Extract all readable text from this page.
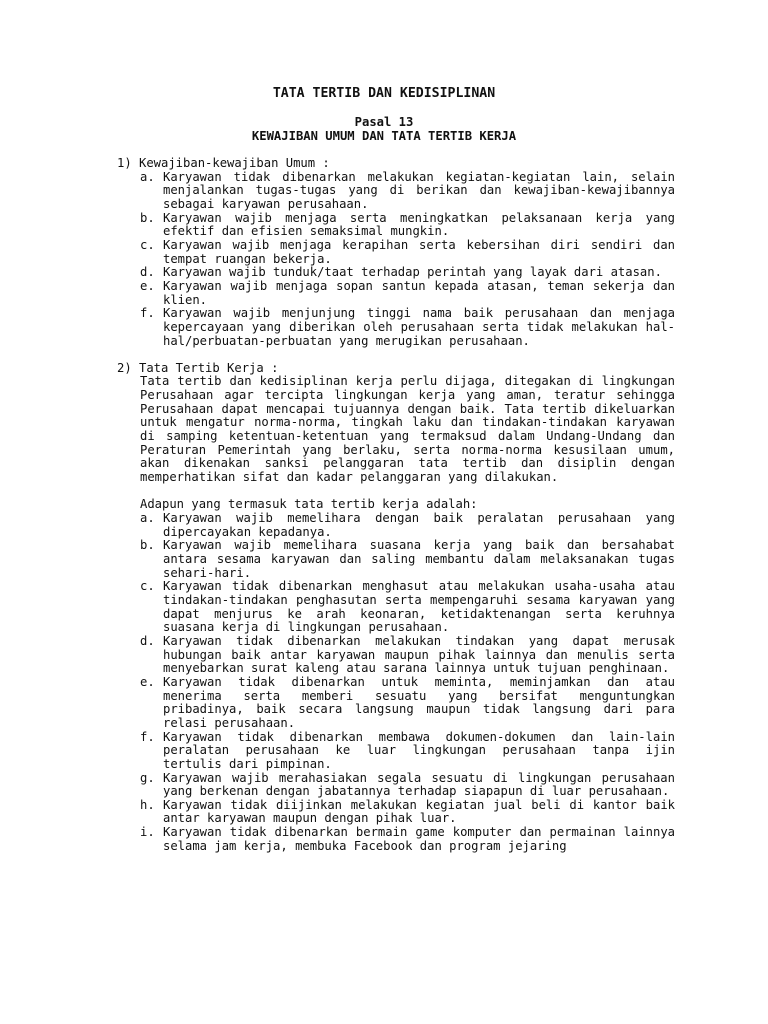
TATA TERTIB DAN KEDISIPLINAN
Pasal 13
KEWAJIBAN UMUM DAN TATA TERTIB KERJA
1) Kewajiban-kewajiban Umum :
a. Karyawan tidak dibenarkan melakukan kegiatan-kegiatan lain, selain menjalankan tugas-tugas yang di berikan dan kewajiban-kewajibannya sebagai karyawan perusahaan.
b. Karyawan wajib menjaga serta meningkatkan pelaksanaan kerja yang efektif dan efisien semaksimal mungkin.
c. Karyawan wajib menjaga kerapihan serta kebersihan diri sendiri dan tempat ruangan bekerja.
d. Karyawan wajib tunduk/taat terhadap perintah yang layak dari atasan.
e. Karyawan wajib menjaga sopan santun kepada atasan, teman sekerja dan klien.
f. Karyawan wajib menjunjung tinggi nama baik perusahaan dan menjaga kepercayaan yang diberikan oleh perusahaan serta tidak melakukan hal-hal/perbuatan-perbuatan yang merugikan perusahaan.
2) Tata Tertib Kerja :
Tata tertib dan kedisiplinan kerja perlu dijaga, ditegakan di lingkungan Perusahaan agar tercipta lingkungan kerja yang aman, teratur sehingga Perusahaan dapat mencapai tujuannya dengan baik. Tata tertib dikeluarkan untuk mengatur norma-norma, tingkah laku dan tindakan-tindakan karyawan di samping ketentuan-ketentuan yang termaksud dalam Undang-Undang dan Peraturan Pemerintah yang berlaku, serta norma-norma kesusilaan umum, akan dikenakan sanksi pelanggaran tata tertib dan disiplin dengan memperhatikan sifat dan kadar pelanggaran yang dilakukan.
Adapun yang termasuk tata tertib kerja adalah:
a. Karyawan wajib memelihara dengan baik peralatan perusahaan yang dipercayakan kepadanya.
b. Karyawan wajib memelihara suasana kerja yang baik dan bersahabat antara sesama karyawan dan saling membantu dalam melaksanakan tugas sehari-hari.
c. Karyawan tidak dibenarkan menghasut atau melakukan usaha-usaha atau tindakan-tindakan penghasutan serta mempengaruhi sesama karyawan yang dapat menjurus ke arah keonaran, ketidaktenangan serta keruhnya suasana kerja di lingkungan perusahaan.
d. Karyawan tidak dibenarkan melakukan tindakan yang dapat merusak hubungan baik antar karyawan maupun pihak lainnya dan menulis serta menyebarkan surat kaleng atau sarana lainnya untuk tujuan penghinaan.
e. Karyawan tidak dibenarkan untuk meminta, meminjamkan dan atau menerima serta memberi sesuatu yang bersifat menguntungkan pribadinya, baik secara langsung maupun tidak langsung dari para relasi perusahaan.
f. Karyawan tidak dibenarkan membawa dokumen-dokumen dan lain-lain peralatan perusahaan ke luar lingkungan perusahaan tanpa ijin tertulis dari pimpinan.
g. Karyawan wajib merahasiakan segala sesuatu di lingkungan perusahaan yang berkenan dengan jabatannya terhadap siapapun di luar perusahaan.
h. Karyawan tidak diijinkan melakukan kegiatan jual beli di kantor baik antar karyawan maupun dengan pihak luar.
i. Karyawan tidak dibenarkan bermain game komputer dan permainan lainnya selama jam kerja, membuka Facebook dan program jejaring
